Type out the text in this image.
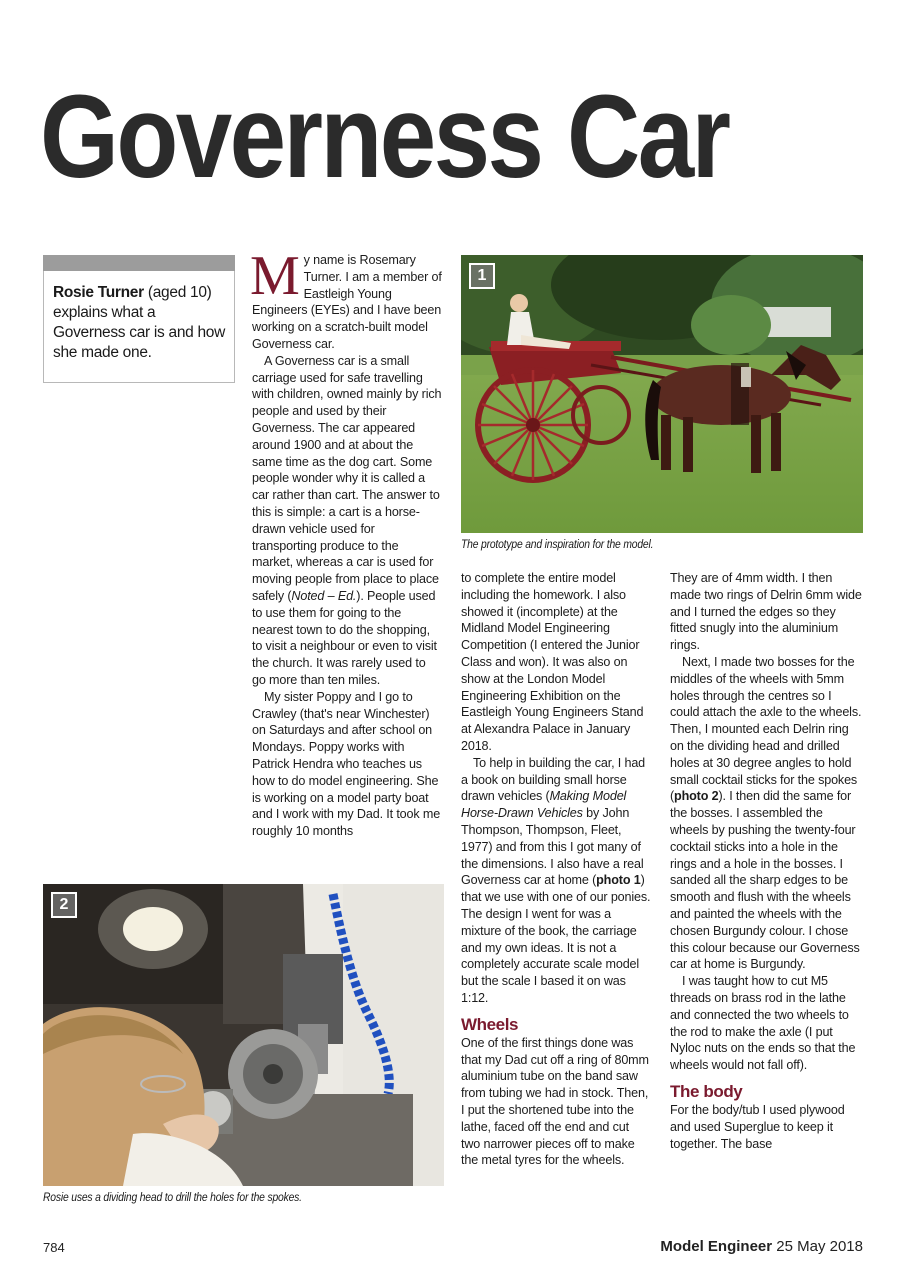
Governess Car
Rosie Turner (aged 10) explains what a Governess car is and how she made one.

My name is Rosemary Turner. I am a member of Eastleigh Young Engineers (EYEs) and I have been working on a scratch-built model Governess car.

A Governess car is a small carriage used for safe travelling with children, owned mainly by rich people and used by their Governess. The car appeared around 1900 and at about the same time as the dog cart. Some people wonder why it is called a car rather than cart. The answer to this is simple: a cart is a horse-drawn vehicle used for transporting produce to the market, whereas a car is used for moving people from place to place safely (Noted – Ed.). People used to use them for going to the nearest town to do the shopping, to visit a neighbour or even to visit the church. It was rarely used to go more than ten miles.

My sister Poppy and I go to Crawley (that's near Winchester) on Saturdays and after school on Mondays. Poppy works with Patrick Hendra who teaches us how to do model engineering. She is working on a model party boat and I work with my Dad. It took me roughly 10 months

1
The prototype and inspiration for the model.

to complete the entire model including the homework. I also showed it (incomplete) at the Midland Model Engineering Competition (I entered the Junior Class and won). It was also on show at the London Model Engineering Exhibition on the Eastleigh Young Engineers Stand at Alexandra Palace in January 2018.

To help in building the car, I had a book on building small horse drawn vehicles (Making Model Horse-Drawn Vehicles by John Thompson, Thompson, Fleet, 1977) and from this I got many of the dimensions. I also have a real Governess car at home (photo 1) that we use with one of our ponies. The design I went for was a mixture of the book, the carriage and my own ideas. It is not a completely accurate scale model but the scale I based it on was 1:12.

Wheels

One of the first things done was that my Dad cut off a ring of 80mm aluminium tube on the band saw from tubing we had in stock. Then, I put the shortened tube into the lathe, faced off the end and cut two narrower pieces off to make the metal tyres for the wheels.

They are of 4mm width. I then made two rings of Delrin 6mm wide and I turned the edges so they fitted snugly into the aluminium rings.

Next, I made two bosses for the middles of the wheels with 5mm holes through the centres so I could attach the axle to the wheels. Then, I mounted each Delrin ring on the dividing head and drilled holes at 30 degree angles to hold small cocktail sticks for the spokes (photo 2). I then did the same for the bosses. I assembled the wheels by pushing the twenty-four cocktail sticks into a hole in the rings and a hole in the bosses. I sanded all the sharp edges to be smooth and flush with the wheels and painted the wheels with the chosen Burgundy colour. I chose this colour because our Governess car at home is Burgundy.

I was taught how to cut M5 threads on brass rod in the lathe and connected the two wheels to the rod to make the axle (I put Nyloc nuts on the ends so that the wheels would not fall off).

The body

For the body/tub I used plywood and used Superglue to keep it together. The base

2
Rosie uses a dividing head to drill the holes for the spokes.
784	Model Engineer 25 May 2018
